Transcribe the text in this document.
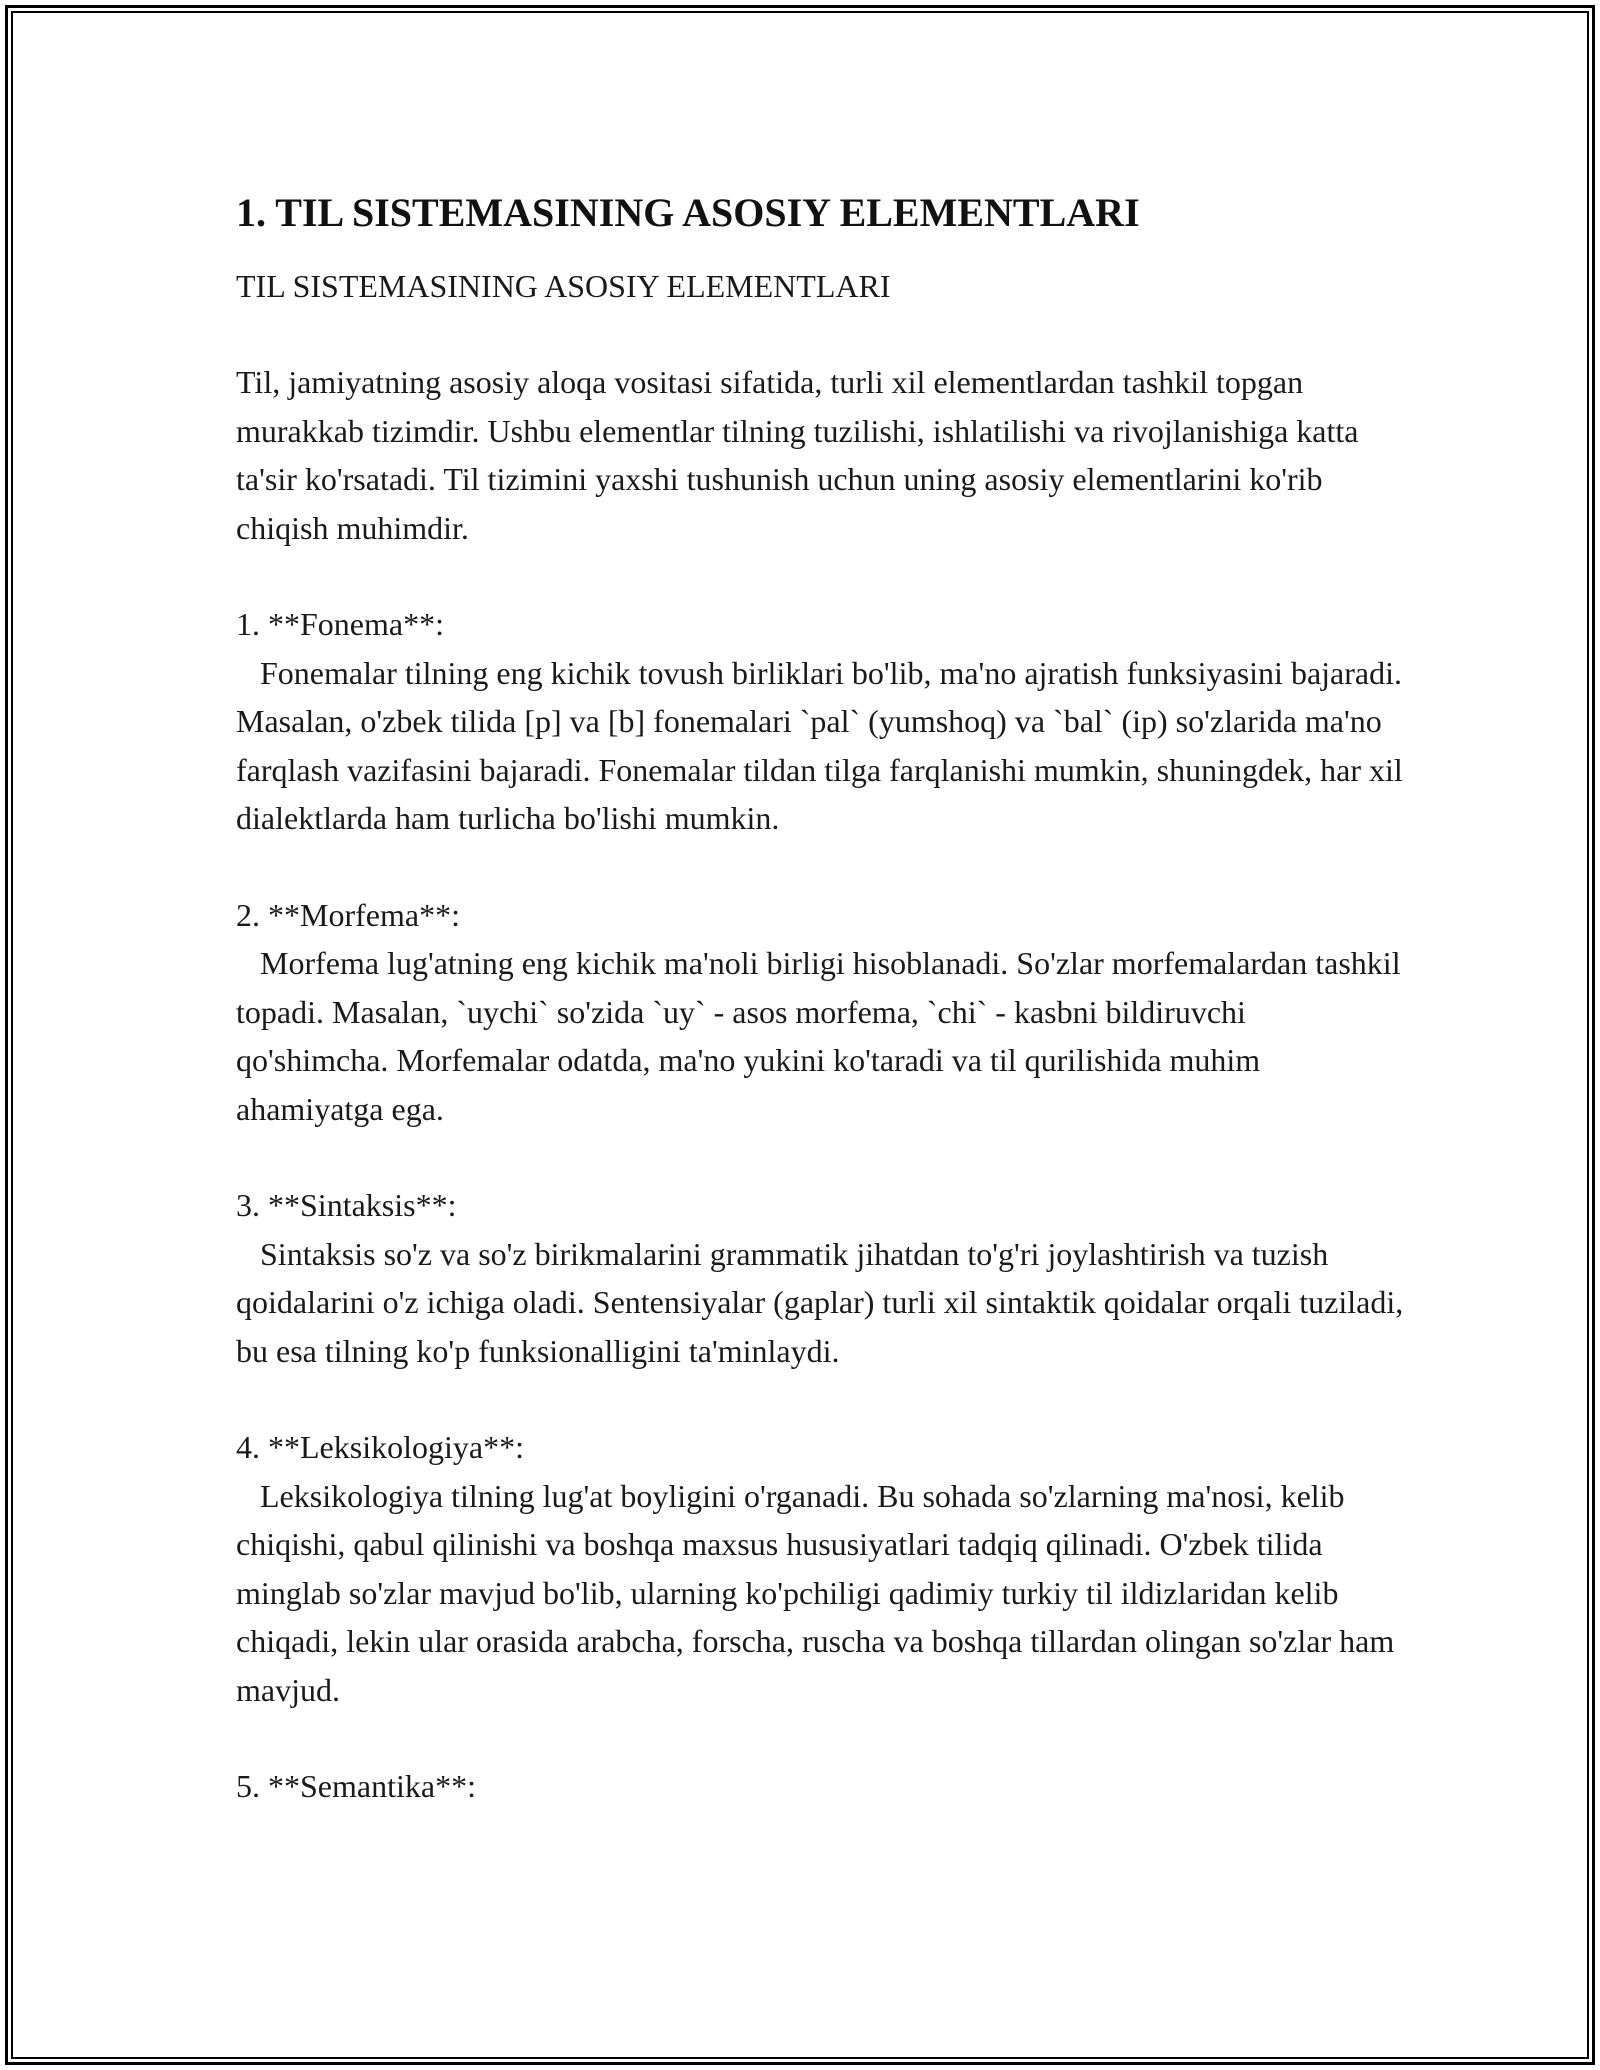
1. TIL SISTEMASINING ASOSIY ELEMENTLARI

TIL SISTEMASINING ASOSIY ELEMENTLARI

Til, jamiyatning asosiy aloqa vositasi sifatida, turli xil elementlardan tashkil topgan murakkab tizimdir. Ushbu elementlar tilning tuzilishi, ishlatilishi va rivojlanishiga katta ta'sir ko'rsatadi. Til tizimini yaxshi tushunish uchun uning asosiy elementlarini ko'rib chiqish muhimdir.

1. **Fonema**:

Fonemalar tilning eng kichik tovush birliklari bo'lib, ma'no ajratish funksiyasini bajaradi. Masalan, o'zbek tilida [p] va [b] fonemalari `pal` (yumshoq) va `bal` (ip) so'zlarida ma'no farqlash vazifasini bajaradi. Fonemalar tildan tilga farqlanishi mumkin, shuningdek, har xil dialektlarda ham turlicha bo'lishi mumkin.

2. **Morfema**:

Morfema lug'atning eng kichik ma'noli birligi hisoblanadi. So'zlar morfemalardan tashkil topadi. Masalan, `uychi` so'zida `uy` - asos morfema, `chi` - kasbni bildiruvchi qo'shimcha. Morfemalar odatda, ma'no yukini ko'taradi va til qurilishida muhim ahamiyatga ega.

3. **Sintaksis**:

Sintaksis so'z va so'z birikmalarini grammatik jihatdan to'g'ri joylashtirish va tuzish qoidalarini o'z ichiga oladi. Sentensiyalar (gaplar) turli xil sintaktik qoidalar orqali tuziladi, bu esa tilning ko'p funksionalligini ta'minlaydi.

4. **Leksikologiya**:

Leksikologiya tilning lug'at boyligini o'rganadi. Bu sohada so'zlarning ma'nosi, kelib chiqishi, qabul qilinishi va boshqa maxsus hususiyatlari tadqiq qilinadi. O'zbek tilida minglab so'zlar mavjud bo'lib, ularning ko'pchiligi qadimiy turkiy til ildizlaridan kelib chiqadi, lekin ular orasida arabcha, forscha, ruscha va boshqa tillardan olingan so'zlar ham mavjud.

5. **Semantika**:
